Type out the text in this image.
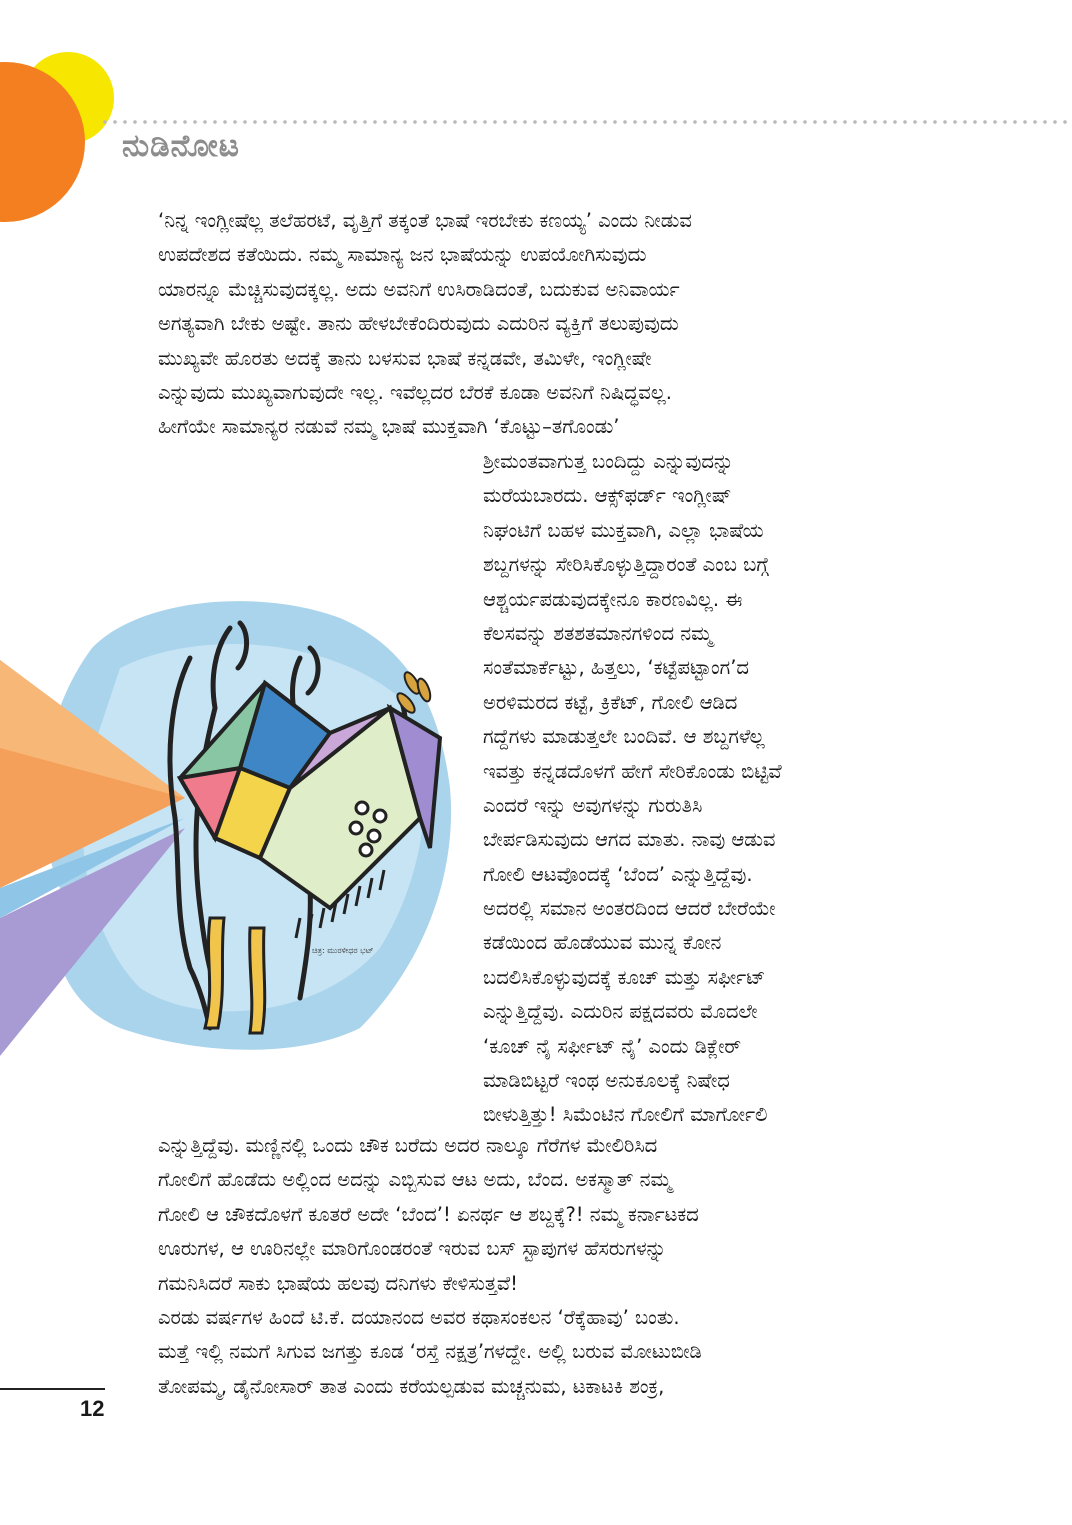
ನುಡಿನೋಟ
‘ನಿನ್ನ ಇಂಗ್ಲೀಷೆಲ್ಲ ತಲೆಹರಟೆ, ವೃತ್ತಿಗೆ ತಕ್ಕಂತೆ ಭಾಷೆ ಇರಬೇಕು ಕಣಯ್ಯ’ ಎಂದು ನೀಡುವ
ಉಪದೇಶದ ಕತೆಯಿದು. ನಮ್ಮ ಸಾಮಾನ್ಯ ಜನ ಭಾಷೆಯನ್ನು ಉಪಯೋಗಿಸುವುದು
ಯಾರನ್ನೂ ಮೆಚ್ಚಿಸುವುದಕ್ಕಲ್ಲ. ಅದು ಅವನಿಗೆ ಉಸಿರಾಡಿದಂತೆ, ಬದುಕುವ ಅನಿವಾರ್ಯ
ಅಗತ್ಯವಾಗಿ ಬೇಕು ಅಷ್ಟೇ. ತಾನು ಹೇಳಬೇಕೆಂದಿರುವುದು ಎದುರಿನ ವ್ಯಕ್ತಿಗೆ ತಲುಪುವುದು
ಮುಖ್ಯವೇ ಹೊರತು ಅದಕ್ಕೆ ತಾನು ಬಳಸುವ ಭಾಷೆ ಕನ್ನಡವೇ, ತಮಿಳೇ, ಇಂಗ್ಲೀಷೇ
ಎನ್ನುವುದು ಮುಖ್ಯವಾಗುವುದೇ ಇಲ್ಲ. ಇವೆಲ್ಲದರ ಬೆರಕೆ ಕೂಡಾ ಅವನಿಗೆ ನಿಷಿದ್ಧವಲ್ಲ.
ಹೀಗೆಯೇ ಸಾಮಾನ್ಯರ ನಡುವೆ ನಮ್ಮ ಭಾಷೆ ಮುಕ್ತವಾಗಿ ‘ಕೊಟ್ಟು–ತಗೊಂಡು’
ಚಿತ್ರ: ಮುರಳೀಧರ ಭಟ್
ಶ್ರೀಮಂತವಾಗುತ್ತ ಬಂದಿದ್ದು ಎನ್ನುವುದನ್ನು
ಮರೆಯಬಾರದು. ಆಕ್ಸ್‌ಫರ್ಡ್ ಇಂಗ್ಲೀಷ್
ನಿಘಂಟಿಗೆ ಬಹಳ ಮುಕ್ತವಾಗಿ, ಎಲ್ಲಾ ಭಾಷೆಯ
ಶಬ್ದಗಳನ್ನು ಸೇರಿಸಿಕೊಳ್ಳುತ್ತಿದ್ದಾರಂತೆ ಎಂಬ ಬಗ್ಗೆ
ಆಶ್ಚರ್ಯಪಡುವುದಕ್ಕೇನೂ ಕಾರಣವಿಲ್ಲ. ಈ
ಕೆಲಸವನ್ನು ಶತಶತಮಾನಗಳಿಂದ ನಮ್ಮ
ಸಂತೆಮಾರ್ಕೆಟ್ಟು, ಹಿತ್ತಲು, ‘ಕಟ್ಟೆಪಟ್ಟಾಂಗ’ದ
ಅರಳಿಮರದ ಕಟ್ಟೆ, ಕ್ರಿಕೆಟ್, ಗೋಲಿ ಆಡಿದ
ಗದ್ದೆಗಳು ಮಾಡುತ್ತಲೇ ಬಂದಿವೆ. ಆ ಶಬ್ದಗಳೆಲ್ಲ
ಇವತ್ತು ಕನ್ನಡದೊಳಗೆ ಹೇಗೆ ಸೇರಿಕೊಂಡು ಬಿಟ್ಟಿವೆ
ಎಂದರೆ ಇನ್ನು ಅವುಗಳನ್ನು ಗುರುತಿಸಿ
ಬೇರ್ಪಡಿಸುವುದು ಆಗದ ಮಾತು. ನಾವು ಆಡುವ
ಗೋಲಿ ಆಟವೊಂದಕ್ಕೆ ‘ಬೆಂದ’ ಎನ್ನುತ್ತಿದ್ದೆವು.
ಅದರಲ್ಲಿ ಸಮಾನ ಅಂತರದಿಂದ ಆದರೆ ಬೇರೆಯೇ
ಕಡೆಯಿಂದ ಹೊಡೆಯುವ ಮುನ್ನ ಕೋನ
ಬದಲಿಸಿಕೊಳ್ಳುವುದಕ್ಕೆ ಕೂಚ್ ಮತ್ತು ಸರ್ಫೀಟ್
ಎನ್ನುತ್ತಿದ್ದೆವು. ಎದುರಿನ ಪಕ್ಷದವರು ಮೊದಲೇ
‘ಕೂಚ್ ನೈ ಸರ್ಫೀಟ್ ನೈ’ ಎಂದು ಡಿಕ್ಲೇರ್
ಮಾಡಿಬಿಟ್ಟರೆ ಇಂಥ ಅನುಕೂಲಕ್ಕೆ ನಿಷೇಧ
ಬೀಳುತ್ತಿತ್ತು! ಸಿಮೆಂಟಿನ ಗೋಲಿಗೆ ಮಾರ್ಗೋಲಿ
ಎನ್ನುತ್ತಿದ್ದೆವು. ಮಣ್ಣಿನಲ್ಲಿ ಒಂದು ಚೌಕ ಬರೆದು ಅದರ ನಾಲ್ಕೂ ಗೆರೆಗಳ ಮೇಲಿರಿಸಿದ
ಗೋಲಿಗೆ ಹೊಡೆದು ಅಲ್ಲಿಂದ ಅದನ್ನು ಎಬ್ಬಿಸುವ ಆಟ ಅದು, ಬೆಂದ. ಅಕಸ್ಮಾತ್ ನಮ್ಮ
ಗೋಲಿ ಆ ಚೌಕದೊಳಗೆ ಕೂತರೆ ಅದೇ ‘ಬೆಂದ’! ಏನರ್ಥ ಆ ಶಬ್ದಕ್ಕೆ?! ನಮ್ಮ ಕರ್ನಾಟಕದ
ಊರುಗಳ, ಆ ಊರಿನಲ್ಲೇ ಮಾರಿಗೊಂಡರಂತೆ ಇರುವ ಬಸ್ ಸ್ಟಾಪುಗಳ ಹೆಸರುಗಳನ್ನು
ಗಮನಿಸಿದರೆ ಸಾಕು ಭಾಷೆಯ ಹಲವು ದನಿಗಳು ಕೇಳಿಸುತ್ತವೆ!
ಎರಡು ವರ್ಷಗಳ ಹಿಂದೆ ಟಿ.ಕೆ. ದಯಾನಂದ ಅವರ ಕಥಾಸಂಕಲನ ‘ರೆಕ್ಕೆಹಾವು’ ಬಂತು.
ಮತ್ತೆ ಇಲ್ಲಿ ನಮಗೆ ಸಿಗುವ ಜಗತ್ತು ಕೂಡ ‘ರಸ್ತೆ ನಕ್ಷತ್ರ’ಗಳದ್ದೇ. ಅಲ್ಲಿ ಬರುವ ಮೋಟುಬೀಡಿ
ತೋಪಮ್ಮ, ಡೈನೋಸಾರ್ ತಾತ ಎಂದು ಕರೆಯಲ್ಪಡುವ ಮಚ್ಚನುಮ, ಟಕಾಟಕಿ ಶಂಕ್ರ,
12
